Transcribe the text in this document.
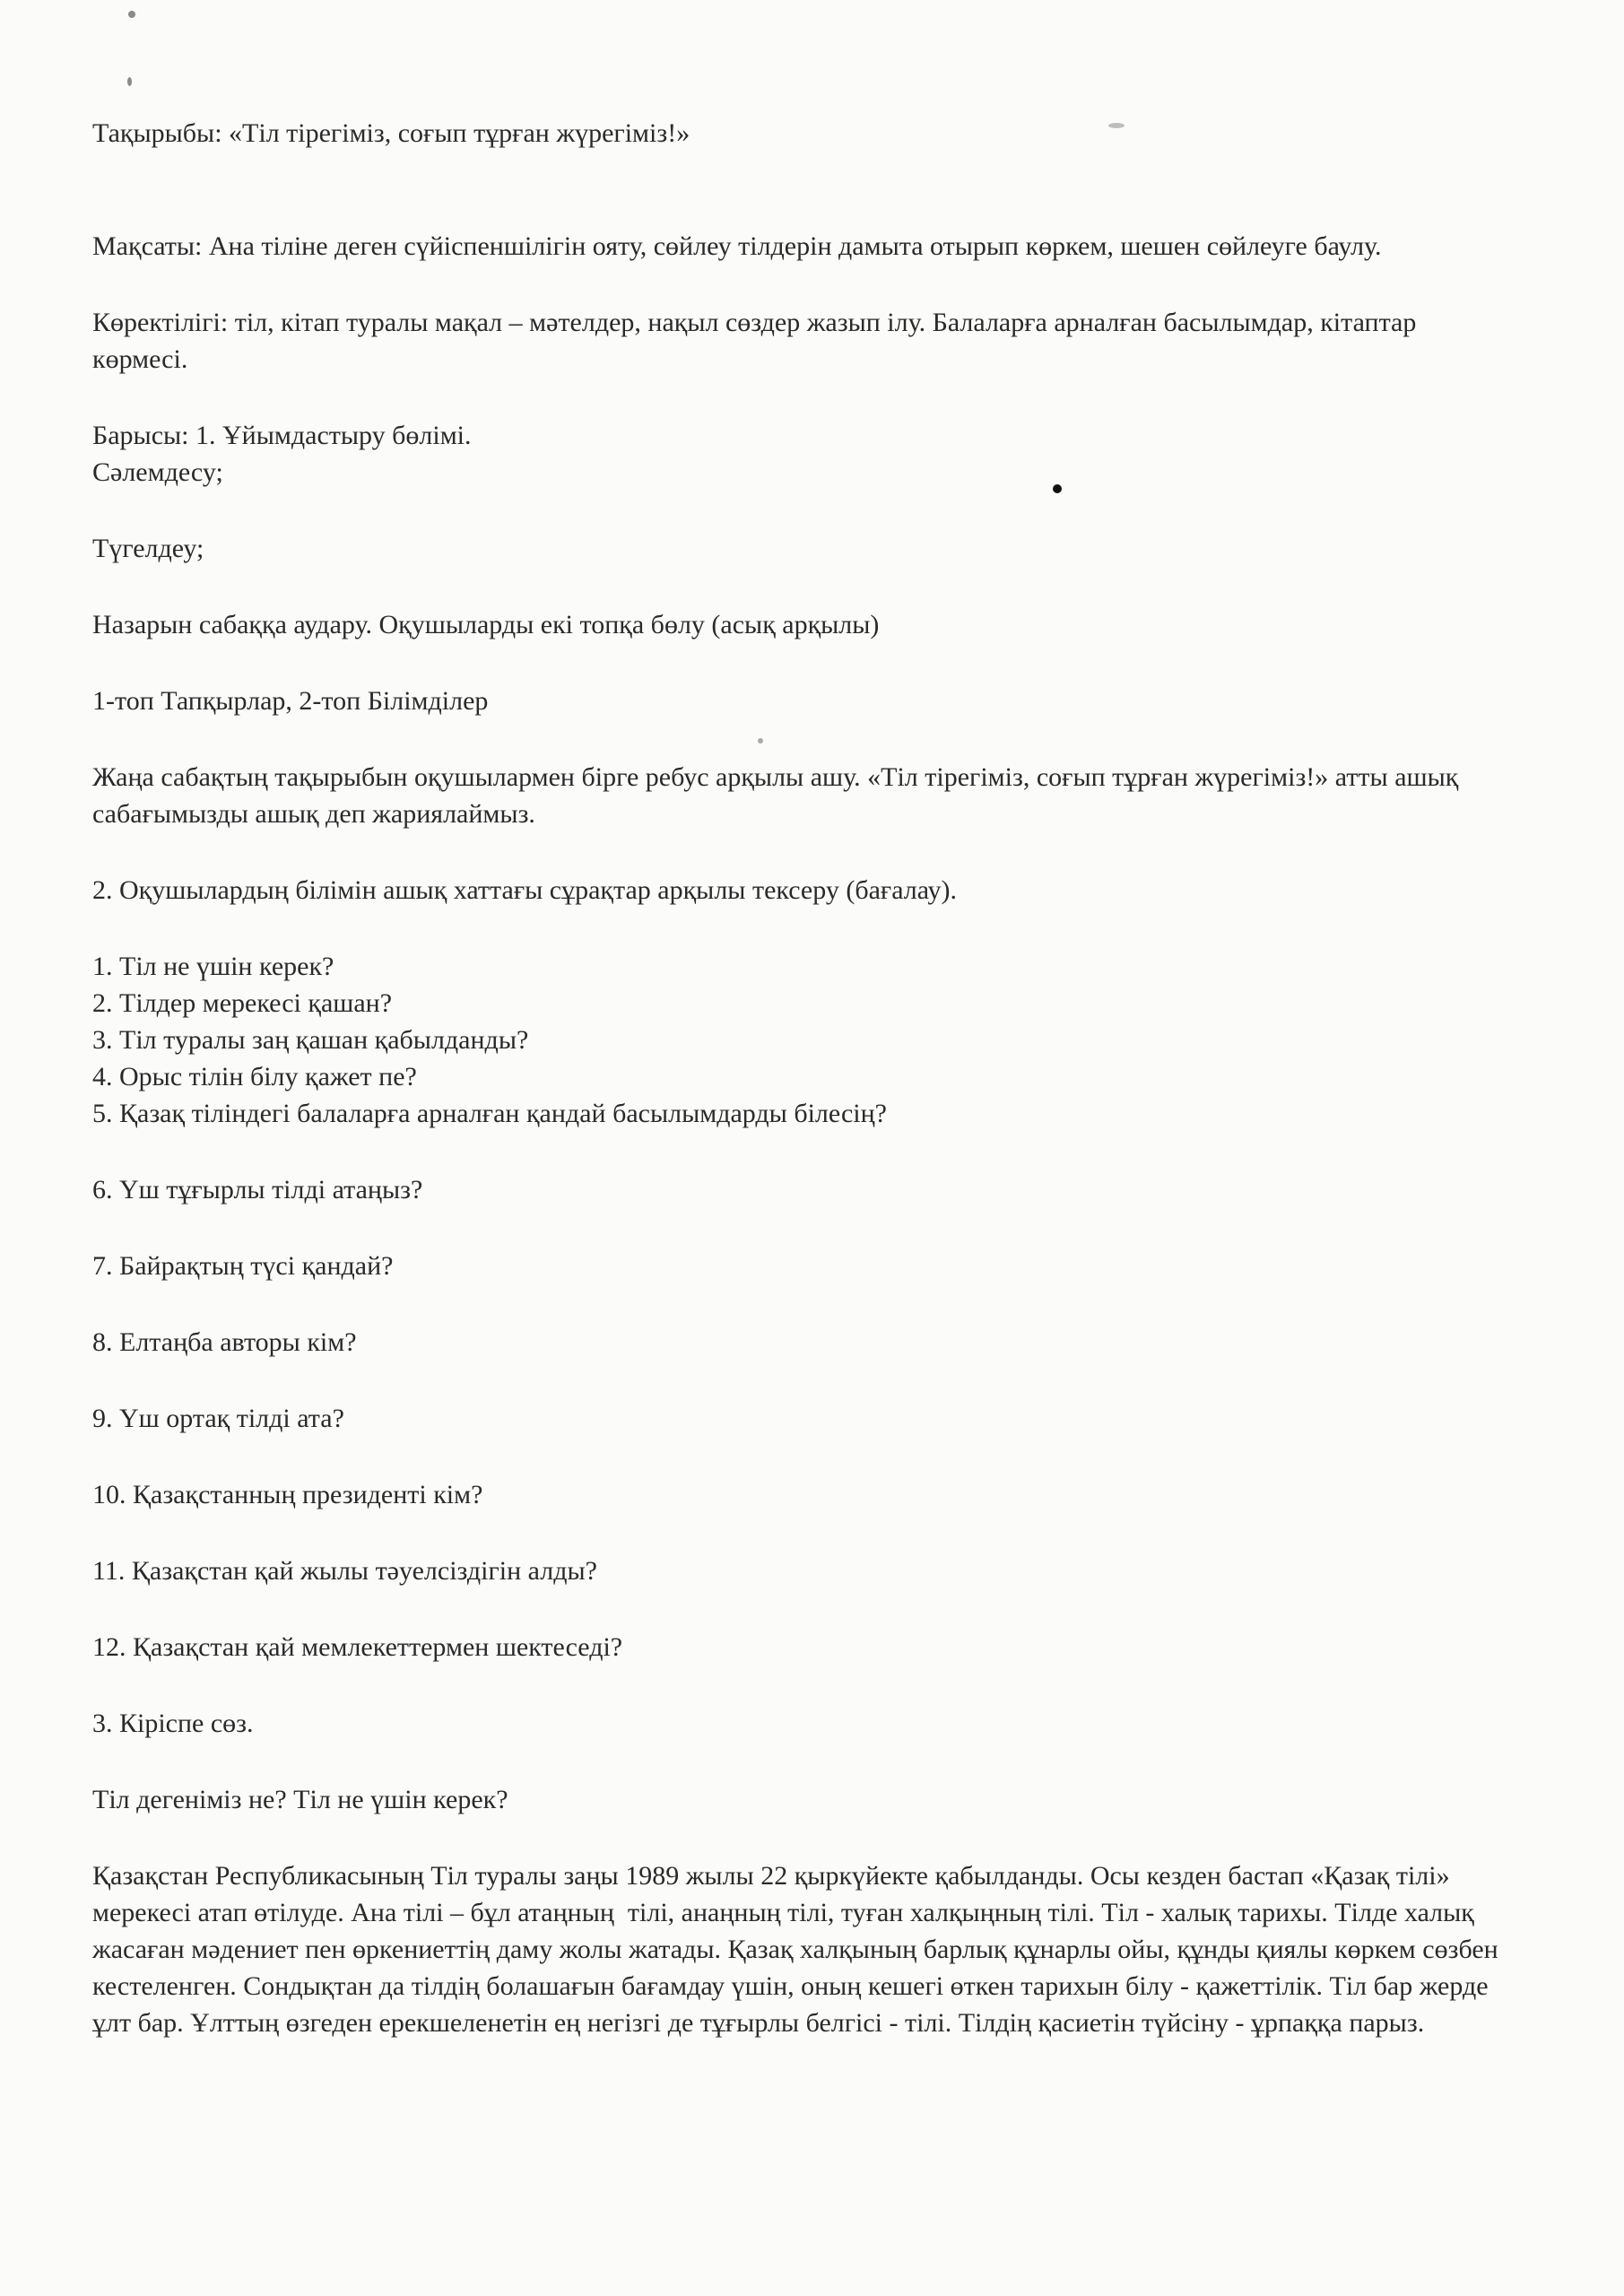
Тақырыбы: «Тіл тірегіміз, соғып тұрған жүрегіміз!»

Мақсаты: Ана тіліне деген сүйіспеншілігін ояту, сөйлеу тілдерін дамыта отырып көркем, шешен сөйлеуге баулу.

Көректілігі: тіл, кітап туралы мақал – мәтелдер, нақыл сөздер жазып ілу. Балаларға арналған басылымдар, кітаптар көрмесі.

Барысы: 1. Ұйымдастыру бөлімі.

Сәлемдесу;

Түгелдеу;

Назарын сабаққа аудару. Оқушыларды екі топқа бөлу (асық арқылы)

1-топ Тапқырлар, 2-топ Білімділер

Жаңа сабақтың тақырыбын оқушылармен бірге ребус арқылы ашу. «Тіл тірегіміз, соғып тұрған жүрегіміз!» атты ашық сабағымызды ашық деп жариялаймыз.

2. Оқушылардың білімін ашық хаттағы сұрақтар арқылы тексеру (бағалау).

1. Тіл не үшін керек?

2. Тілдер мерекесі қашан?

3. Тіл туралы заң қашан қабылданды?

4. Орыс тілін білу қажет пе?

5. Қазақ тіліндегі балаларға арналған қандай басылымдарды білесің?

6. Үш тұғырлы тілді атаңыз?

7. Байрақтың түсі қандай?

8. Елтаңба авторы кім?

9. Үш ортақ тілді ата?

10. Қазақстанның президенті кім?

11. Қазақстан қай жылы тәуелсіздігін алды?

12. Қазақстан қай мемлекеттермен шектеседі?

3. Кіріспе сөз.

Тіл дегеніміз не? Тіл не үшін керек?

Қазақстан Республикасының Тіл туралы заңы 1989 жылы 22 қыркүйекте қабылданды. Осы кезден бастап «Қазақ тілі» мерекесі атап өтілуде. Ана тілі – бұл атаңның  тілі, анаңның тілі, туған халқыңның тілі. Тіл - халық тарихы. Тілде халық жасаған мәдениет пен өркениеттің даму жолы жатады. Қазақ халқының барлық құнарлы ойы, құнды қиялы көркем сөзбен кестеленген. Сондықтан да тілдің болашағын бағамдау үшін, оның кешегі өткен тарихын білу - қажеттілік. Тіл бар жерде ұлт бар. Ұлттың өзгеден ерекшеленетін ең негізгі де тұғырлы белгісі - тілі. Тілдің қасиетін түйсіну - ұрпаққа парыз.
